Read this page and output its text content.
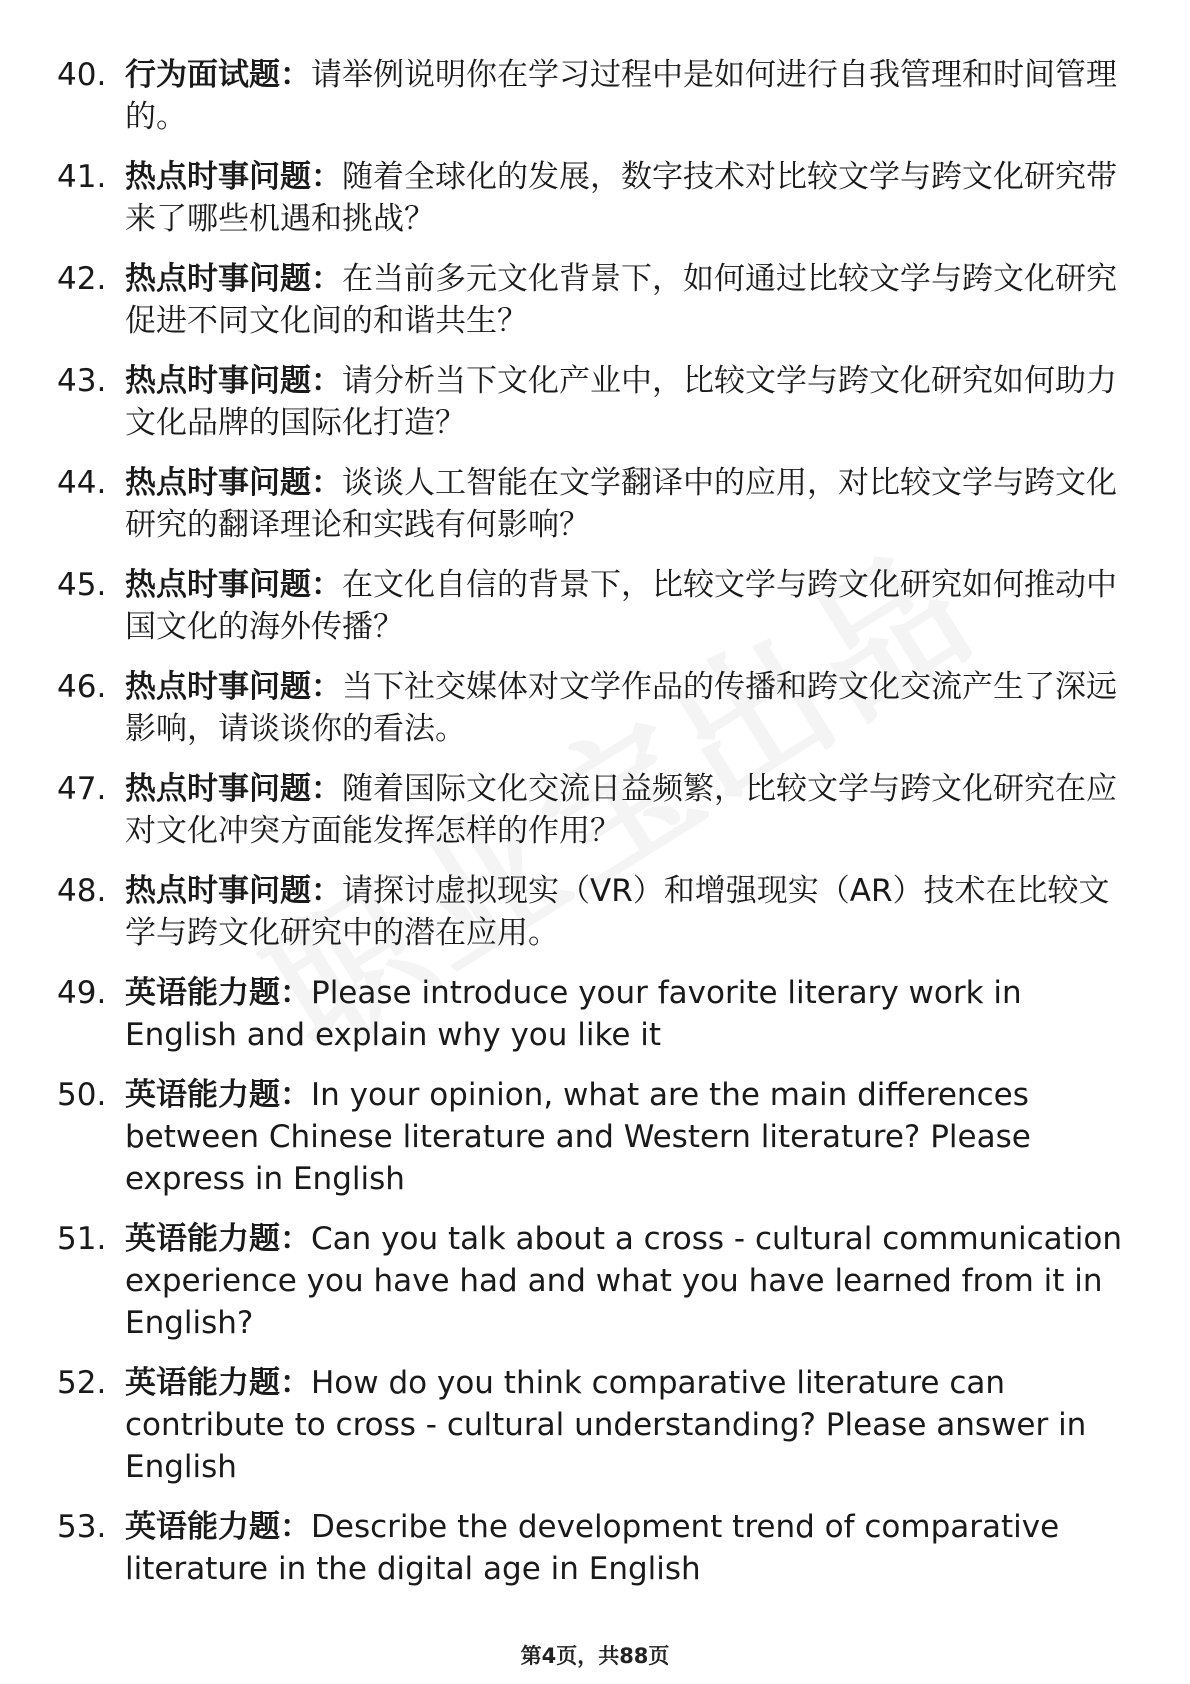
40. 行为面试题：请举例说明你在学习过程中是如何进行自我管理和时间管理的。
41. 热点时事问题：随着全球化的发展，数字技术对比较文学与跨文化研究带来了哪些机遇和挑战？
42. 热点时事问题：在当前多元文化背景下，如何通过比较文学与跨文化研究促进不同文化间的和谐共生？
43. 热点时事问题：请分析当下文化产业中，比较文学与跨文化研究如何助力文化品牌的国际化打造？
44. 热点时事问题：谈谈人工智能在文学翻译中的应用，对比较文学与跨文化研究的翻译理论和实践有何影响？
45. 热点时事问题：在文化自信的背景下，比较文学与跨文化研究如何推动中国文化的海外传播？
46. 热点时事问题：当下社交媒体对文学作品的传播和跨文化交流产生了深远影响，请谈谈你的看法。
47. 热点时事问题：随着国际文化交流日益频繁，比较文学与跨文化研究在应对文化冲突方面能发挥怎样的作用？
48. 热点时事问题：请探讨虚拟现实（VR）和增强现实（AR）技术在比较文学与跨文化研究中的潜在应用。
49. 英语能力题：Please introduce your favorite literary work in English and explain why you like it
50. 英语能力题：In your opinion, what are the main differences between Chinese literature and Western literature? Please express in English
51. 英语能力题：Can you talk about a cross - cultural communication experience you have had and what you have learned from it in English?
52. 英语能力题：How do you think comparative literature can contribute to cross - cultural understanding? Please answer in English
53. 英语能力题：Describe the development trend of comparative literature in the digital age in English
第4页，共88页
